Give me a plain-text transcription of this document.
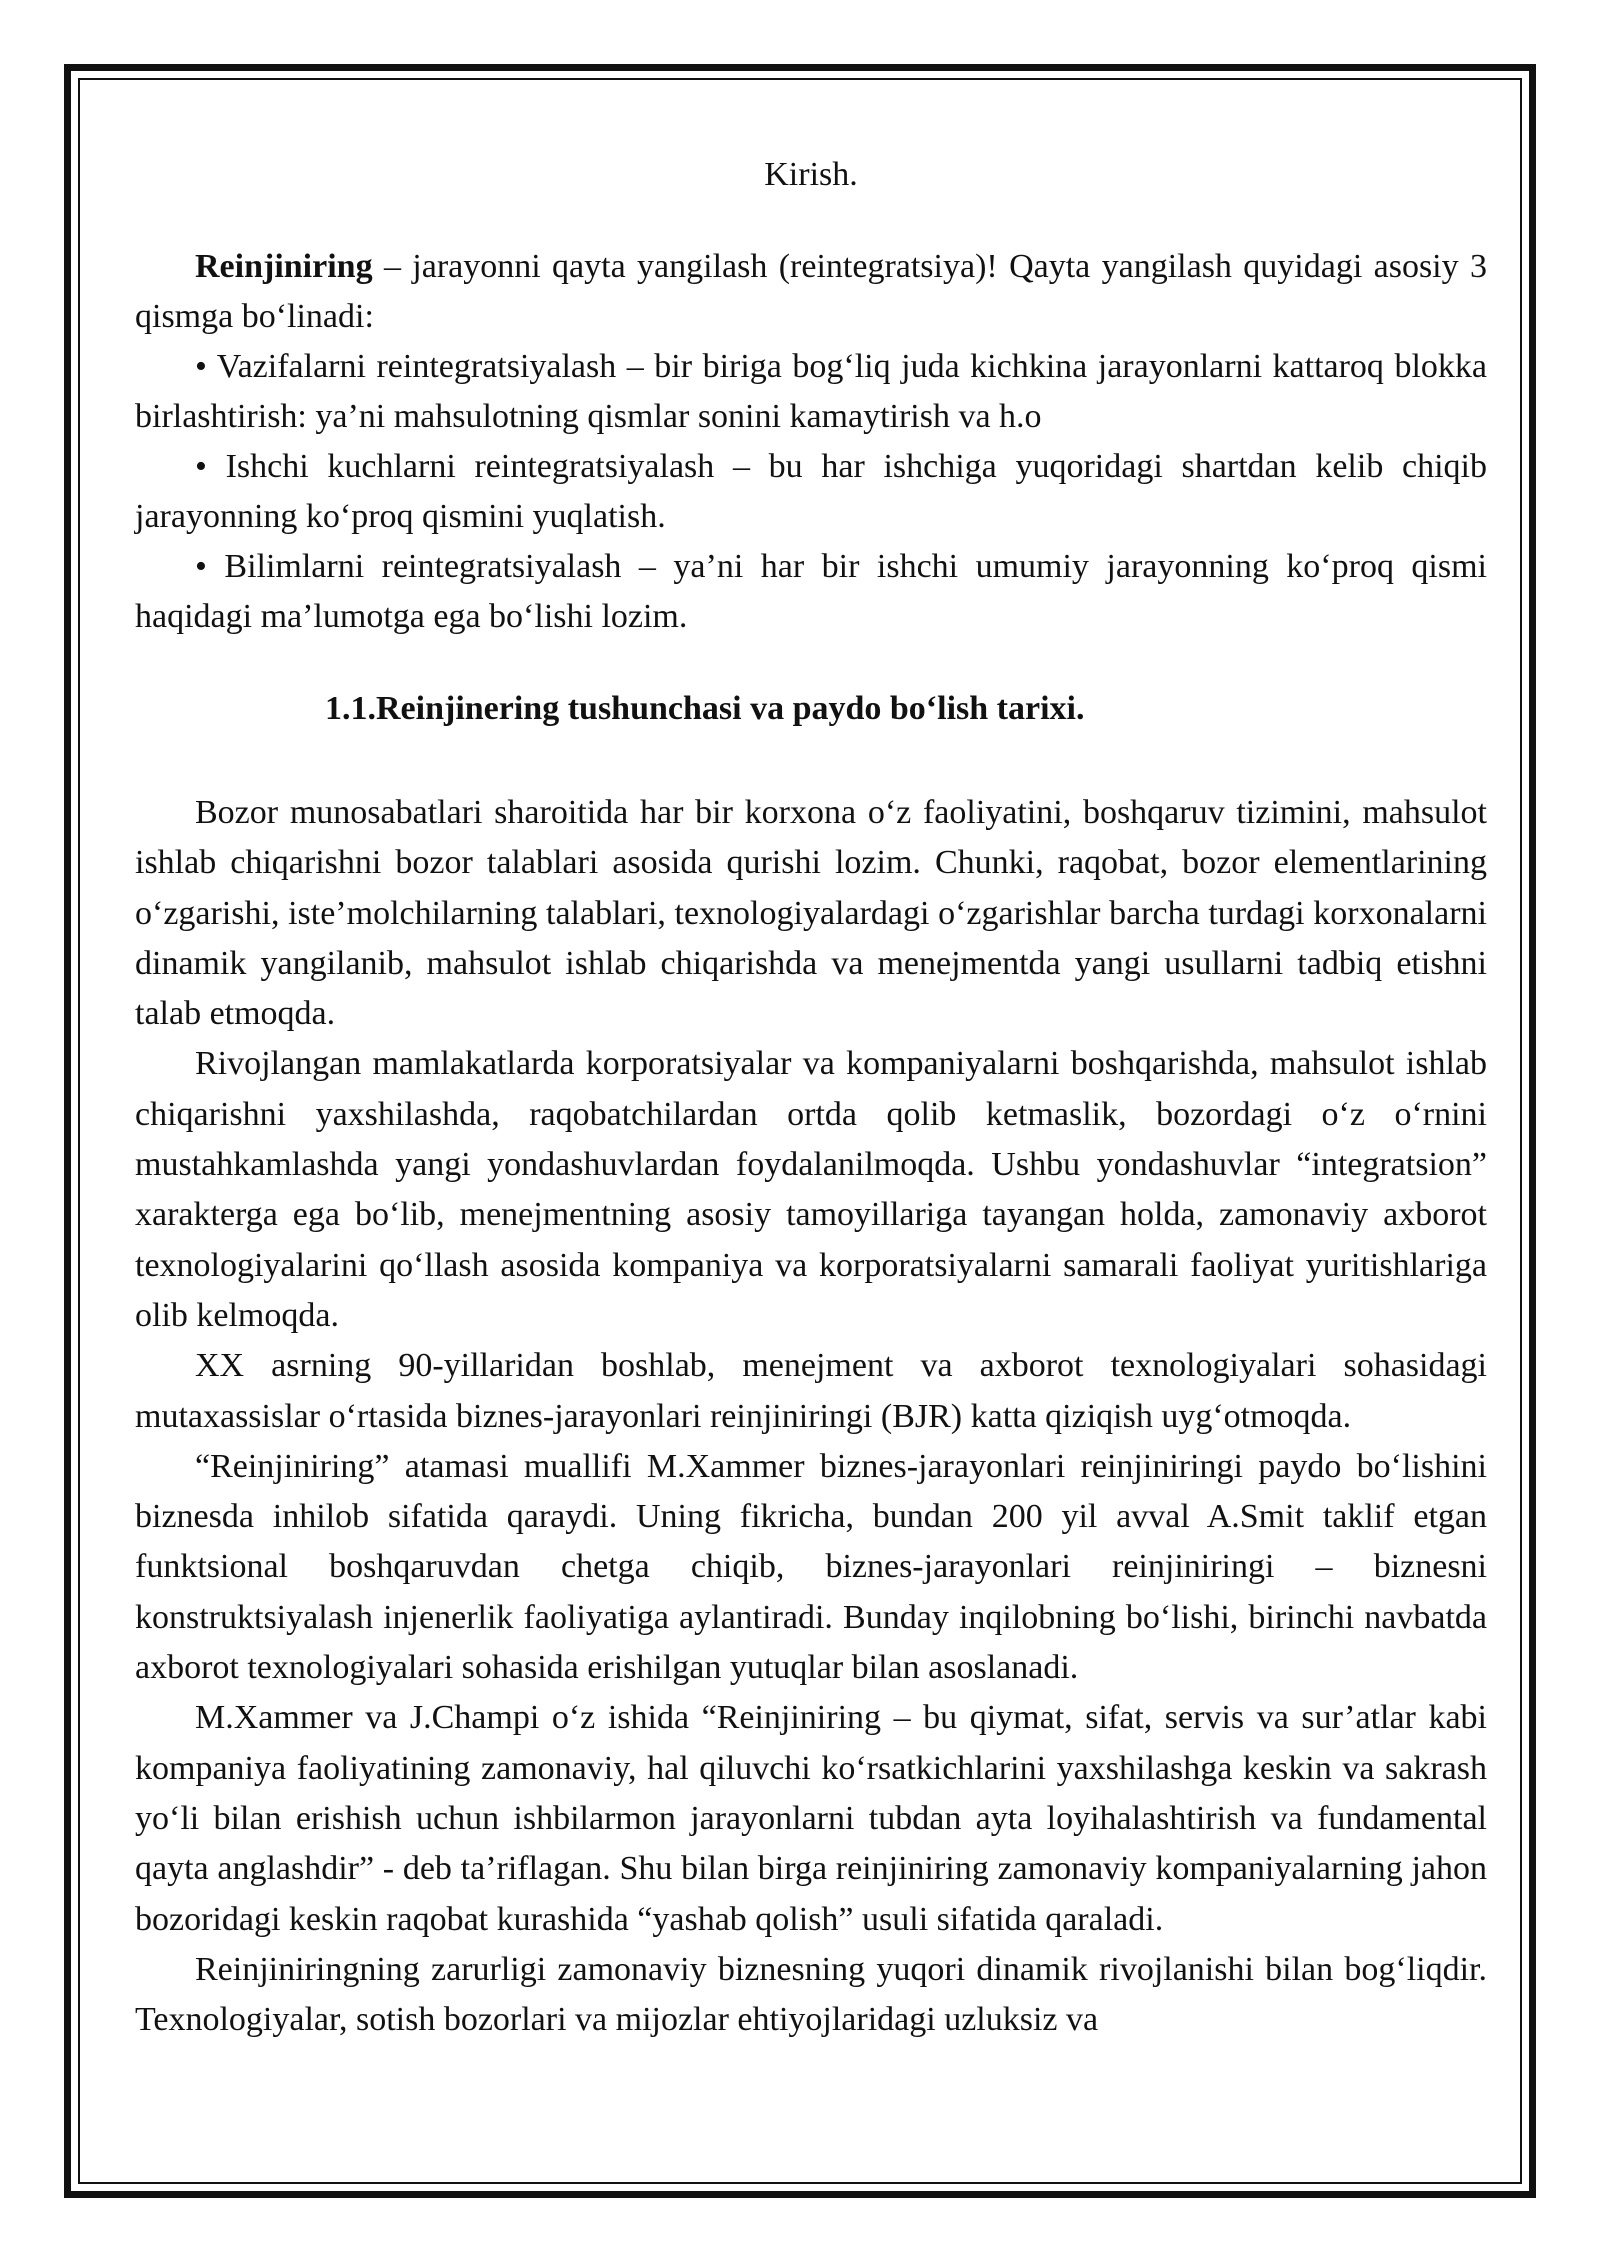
Kirish.

Reinjiniring – jarayonni qayta yangilash (reintegratsiya)! Qayta yangilash quyidagi asosiy 3 qismga bo‘linadi:

• Vazifalarni reintegratsiyalash – bir biriga bog‘liq juda kichkina jarayonlarni kattaroq blokka birlashtirish: ya’ni mahsulotning qismlar sonini kamaytirish va h.o

• Ishchi kuchlarni reintegratsiyalash – bu har ishchiga yuqoridagi shartdan kelib chiqib jarayonning ko‘proq qismini yuqlatish.

• Bilimlarni reintegratsiyalash – ya’ni har bir ishchi umumiy jarayonning ko‘proq qismi haqidagi ma’lumotga ega bo‘lishi lozim.

1.1.Reinjinering tushunchasi va paydo bo‘lish tarixi.

Bozor munosabatlari sharoitida har bir korxona o‘z faoliyatini, boshqaruv tizimini, mahsulot ishlab chiqarishni bozor talablari asosida qurishi lozim. Chunki, raqobat, bozor elementlarining o‘zgarishi, iste’molchilarning talablari, texnologiyalardagi o‘zgarishlar barcha turdagi korxonalarni dinamik yangilanib, mahsulot ishlab chiqarishda va menejmentda yangi usullarni tadbiq etishni talab etmoqda.

Rivojlangan mamlakatlarda korporatsiyalar va kompaniyalarni boshqarishda, mahsulot ishlab chiqarishni yaxshilashda, raqobatchilardan ortda qolib ketmaslik, bozordagi o‘z o‘rnini mustahkamlashda yangi yondashuvlardan foydalanilmoqda. Ushbu yondashuvlar “integratsion” xarakterga ega bo‘lib, menejmentning asosiy tamoyillariga tayangan holda, zamonaviy axborot texnologiyalarini qo‘llash asosida kompaniya va korporatsiyalarni samarali faoliyat yuritishlariga olib kelmoqda.

XX asrning 90-yillaridan boshlab, menejment va axborot texnologiyalari sohasidagi mutaxassislar o‘rtasida biznes-jarayonlari reinjiniringi (BJR) katta qiziqish uyg‘otmoqda.

“Reinjiniring” atamasi muallifi M.Xammer biznes-jarayonlari reinjiniringi paydo bo‘lishini biznesda inhilob sifatida qaraydi. Uning fikricha, bundan 200 yil avval A.Smit taklif etgan funktsional boshqaruvdan chetga chiqib, biznes-jarayonlari reinjiniringi – biznesni konstruktsiyalash injenerlik faoliyatiga aylantiradi. Bunday inqilobning bo‘lishi, birinchi navbatda axborot texnologiyalari sohasida erishilgan yutuqlar bilan asoslanadi.

M.Xammer va J.Champi o‘z ishida “Reinjiniring – bu qiymat, sifat, servis va sur’atlar kabi kompaniya faoliyatining zamonaviy, hal qiluvchi ko‘rsatkichlarini yaxshilashga keskin va sakrash yo‘li bilan erishish uchun ishbilarmon jarayonlarni tubdan ayta loyihalashtirish va fundamental qayta anglashdir” - deb ta’riflagan. Shu bilan birga reinjiniring zamonaviy kompaniyalarning jahon bozoridagi keskin raqobat kurashida “yashab qolish” usuli sifatida qaraladi.

Reinjiniringning zarurligi zamonaviy biznesning yuqori dinamik rivojlanishi bilan bog‘liqdir. Texnologiyalar, sotish bozorlari va mijozlar ehtiyojlaridagi uzluksiz va
